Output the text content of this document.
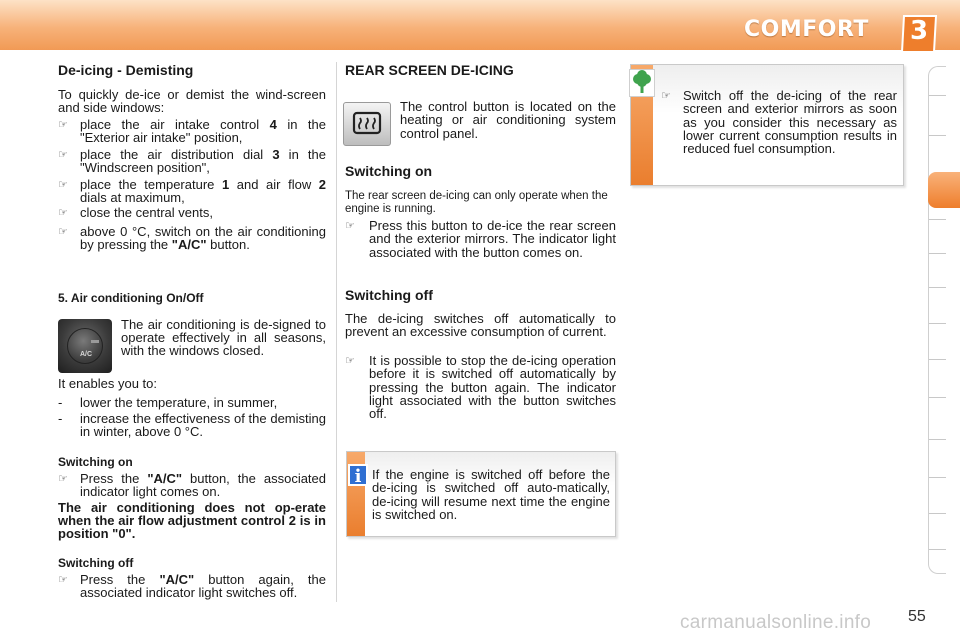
COMFORT	3
De-icing - Demisting
To quickly de-ice or demist the wind-screen and side windows:
☞ place the air intake control 4 in the "Exterior air intake" position,
☞ place the air distribution dial 3 in the "Windscreen position",
☞ place the temperature 1 and air flow 2 dials at maximum,
☞ close the central vents,
☞ above 0 °C, switch on the air conditioning by pressing the "A/C" button.
5. Air conditioning On/Off
A/C
The air conditioning is de-signed to operate effectively in all seasons, with the windows closed.
It enables you to:
- lower the temperature, in summer,
- increase the effectiveness of the demisting in winter, above 0 °C.
Switching on
☞ Press the "A/C" button, the associated indicator light comes on.
The air conditioning does not op-erate when the air flow adjustment control 2 is in position "0".
Switching off
☞ Press the "A/C" button again, the associated indicator light switches off.
REAR SCREEN DE-ICING
The control button is located on the heating or air conditioning system control panel.
Switching on
The rear screen de-icing can only operate when the engine is running.
☞	Press this button to de-ice the rear screen and the exterior mirrors. The indicator light associated with the button comes on.
Switching off
The de-icing switches off automatically to prevent an excessive consumption of current.
☞	It is possible to stop the de-icing operation before it is switched off automatically by pressing the button again. The indicator light associated with the button switches off.
If the engine is switched off before the de-icing is switched off auto-matically, de-icing will resume next time the engine is switched on.
i
☞ Switch off the de-icing of the rear screen and exterior mirrors as soon as you consider this necessary as lower current consumption results in reduced fuel consumption.
carmanualsonline.info 55
